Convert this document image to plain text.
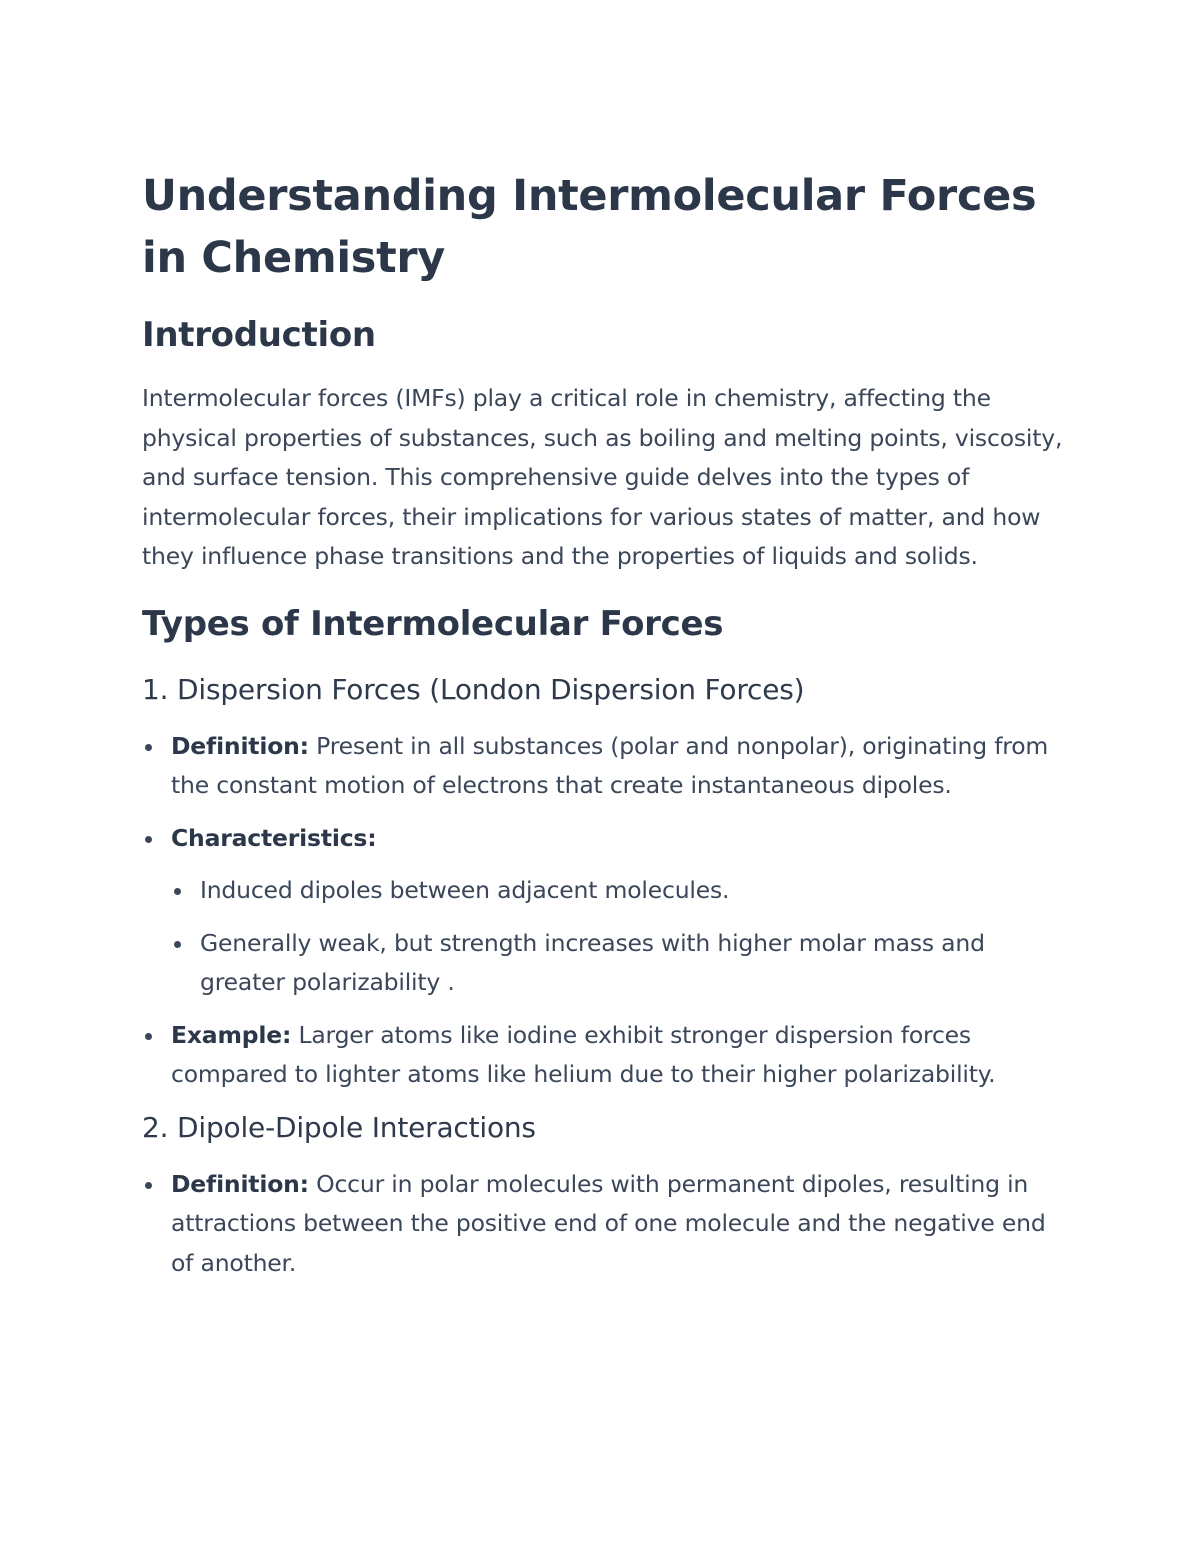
Understanding Intermolecular Forces in Chemistry
Introduction

Intermolecular forces (IMFs) play a critical role in chemistry, affecting the physical properties of substances, such as boiling and melting points, viscosity, and surface tension. This comprehensive guide delves into the types of intermolecular forces, their implications for various states of matter, and how they influence phase transitions and the properties of liquids and solids.

Types of Intermolecular Forces
1. Dispersion Forces (London Dispersion Forces)
Definition: Present in all substances (polar and nonpolar), originating from the constant motion of electrons that create instantaneous dipoles.
Characteristics:
Induced dipoles between adjacent molecules.
Generally weak, but strength increases with higher molar mass and greater polarizability .
Example: Larger atoms like iodine exhibit stronger dispersion forces compared to lighter atoms like helium due to their higher polarizability.
2. Dipole-Dipole Interactions
Definition: Occur in polar molecules with permanent dipoles, resulting in attractions between the positive end of one molecule and the negative end of another.
